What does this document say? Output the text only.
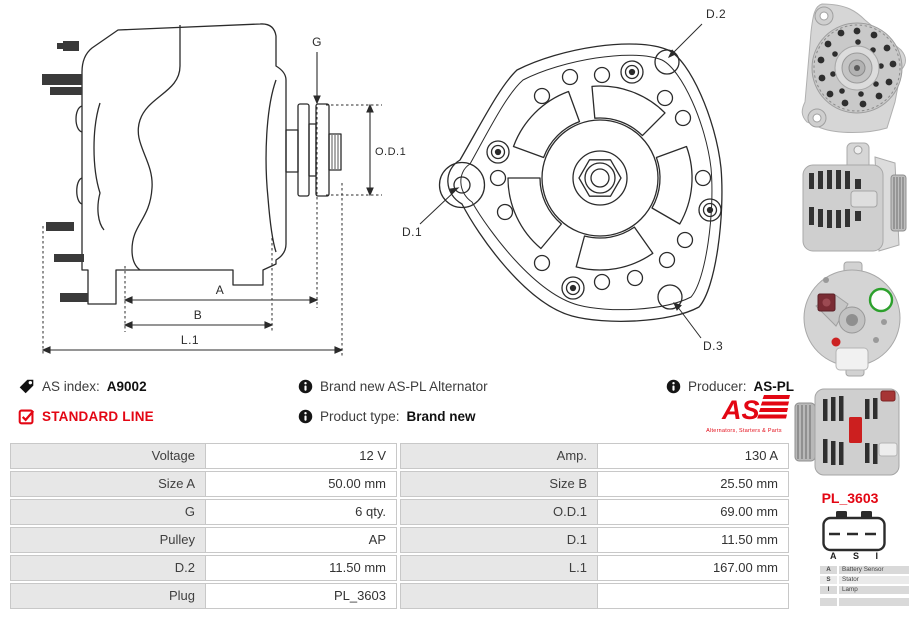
G
O.D.1
A
B
L.1
D.2
D.1
D.3
AS index: A9002	Brand new AS-PL Alternator	Producer: AS-PL
STANDARD LINE	Product type: Brand new	AS
Alternators, Starters & Parts
Voltage	12 V	Amp.	130 A
Size A	50.00 mm	Size B	25.50 mm
G	6 qty.	O.D.1	69.00 mm
Pulley	AP	D.1	11.50 mm
D.2	11.50 mm	L.1	167.00 mm
Plug	PL_3603
PL_3603
A S I
A	Battery Sensor
S	Stator
I	Lamp
